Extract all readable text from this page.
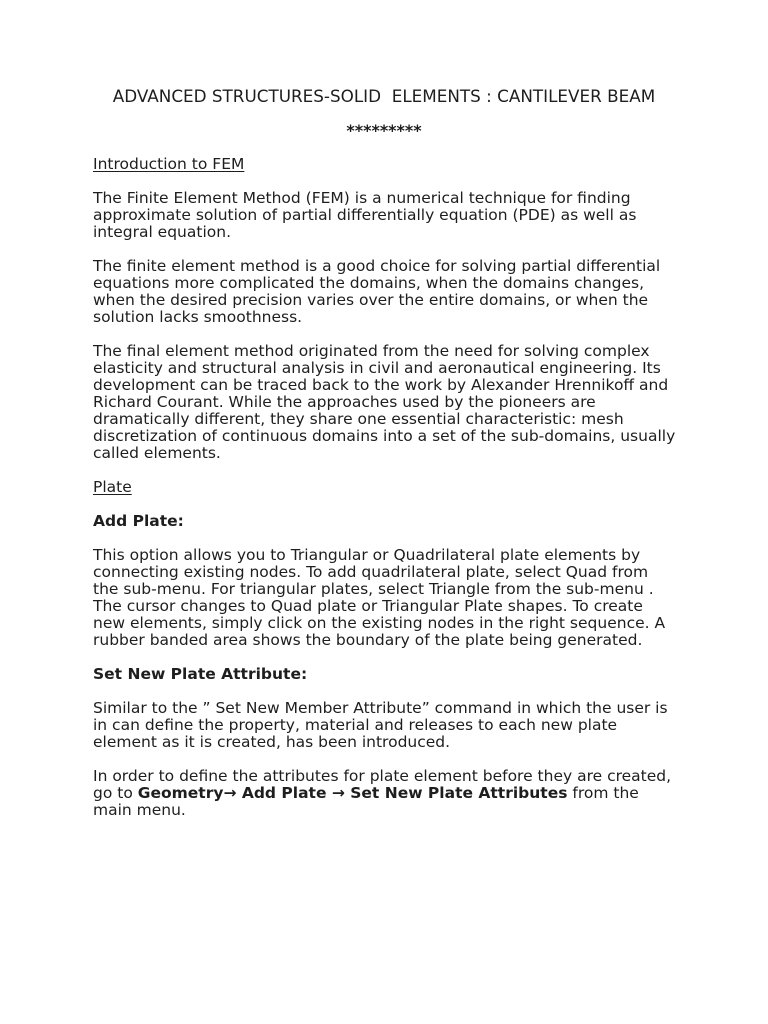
ADVANCED STRUCTURES-SOLID  ELEMENTS : CANTILEVER BEAM
*********
Introduction to FEM
The Finite Element Method (FEM) is a numerical technique for finding
approximate solution of partial differentially equation (PDE) as well as
integral equation.
The finite element method is a good choice for solving partial differential
equations more complicated the domains, when the domains changes,
when the desired precision varies over the entire domains, or when the
solution lacks smoothness.
The final element method originated from the need for solving complex
elasticity and structural analysis in civil and aeronautical engineering. Its
development can be traced back to the work by Alexander Hrennikoff and
Richard Courant. While the approaches used by the pioneers are
dramatically different, they share one essential characteristic: mesh
discretization of continuous domains into a set of the sub-domains, usually
called elements.
Plate
Add Plate:
This option allows you to Triangular or Quadrilateral plate elements by
connecting existing nodes. To add quadrilateral plate, select Quad from
the sub-menu. For triangular plates, select Triangle from the sub-menu .
The cursor changes to Quad plate or Triangular Plate shapes. To create
new elements, simply click on the existing nodes in the right sequence. A
rubber banded area shows the boundary of the plate being generated.
Set New Plate Attribute:
Similar to the ” Set New Member Attribute” command in which the user is
in can define the property, material and releases to each new plate
element as it is created, has been introduced.
In order to define the attributes for plate element before they are created,
go to Geometry→ Add Plate → Set New Plate Attributes from the
main menu.
